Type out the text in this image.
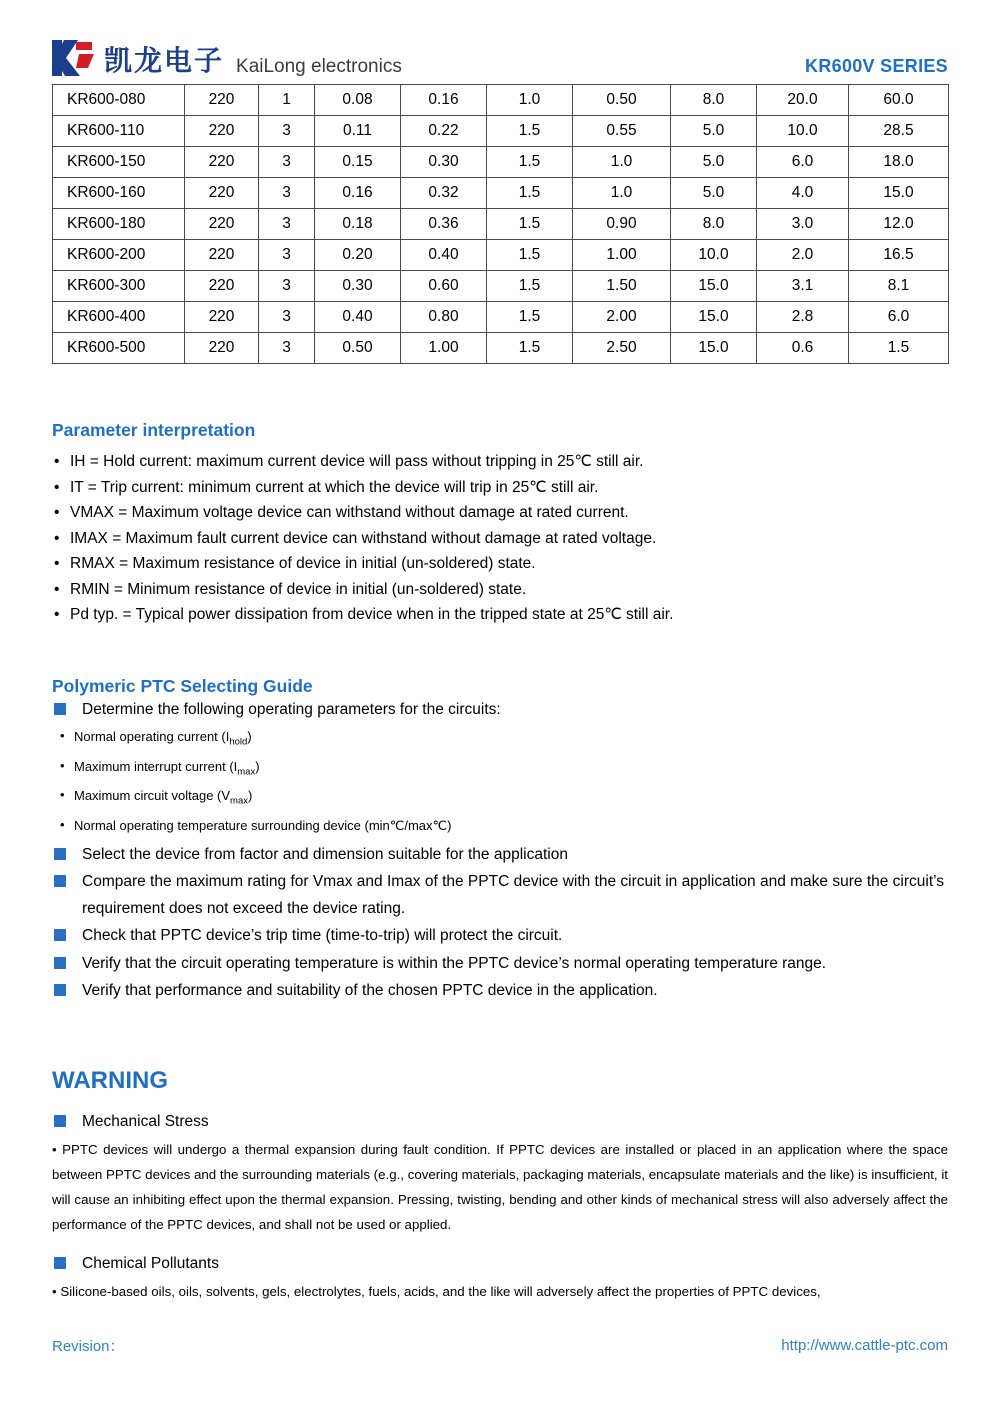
凯龙电子 KaiLong electronics	KR600V SERIES
KR600-080	220	1	0.08	0.16	1.0	0.50	8.0	20.0	60.0
KR600-110	220	3	0.11	0.22	1.5	0.55	5.0	10.0	28.5
KR600-150	220	3	0.15	0.30	1.5	1.0	5.0	6.0	18.0
KR600-160	220	3	0.16	0.32	1.5	1.0	5.0	4.0	15.0
KR600-180	220	3	0.18	0.36	1.5	0.90	8.0	3.0	12.0
KR600-200	220	3	0.20	0.40	1.5	1.00	10.0	2.0	16.5
KR600-300	220	3	0.30	0.60	1.5	1.50	15.0	3.1	8.1
KR600-400	220	3	0.40	0.80	1.5	2.00	15.0	2.8	6.0
KR600-500	220	3	0.50	1.00	1.5	2.50	15.0	0.6	1.5
Parameter interpretation
• IH = Hold current: maximum current device will pass without tripping in 25℃ still air.
• IT = Trip current: minimum current at which the device will trip in 25℃ still air.
• VMAX = Maximum voltage device can withstand without damage at rated current.
• IMAX = Maximum fault current device can withstand without damage at rated voltage.
• RMAX = Maximum resistance of device in initial (un-soldered) state.
• RMIN = Minimum resistance of device in initial (un-soldered) state.
• Pd typ. = Typical power dissipation from device when in the tripped state at 25℃ still air.
Polymeric PTC Selecting Guide
Determine the following operating parameters for the circuits:
• Normal operating current $(I_{hold})$
• Maximum interrupt current $(I_{max})$
• Maximum circuit voltage $(V_{max})$
• Normal operating temperature surrounding device (min℃/max℃)
Select the device from factor and dimension suitable for the application
Compare the maximum rating for Vmax and Imax of the PPTC device with the circuit in application and make sure the circuit’s requirement does not exceed the device rating.
Check that PPTC device’s trip time (time-to-trip) will protect the circuit.
Verify that the circuit operating temperature is within the PPTC device’s normal operating temperature range.
Verify that performance and suitability of the chosen PPTC device in the application.
WARNING
Mechanical Stress

• PPTC devices will undergo a thermal expansion during fault condition. If PPTC devices are installed or placed in an application where the space between PPTC devices and the surrounding materials (e.g., covering materials, packaging materials, encapsulate materials and the like) is insufficient, it will cause an inhibiting effect upon the thermal expansion. Pressing, twisting, bending and other kinds of mechanical stress will also adversely affect the performance of the PPTC devices, and shall not be used or applied.

Chemical Pollutants

• Silicone-based oils, oils, solvents, gels, electrolytes, fuels, acids, and the like will adversely affect the properties of PPTC devices,

Revision：	http://www.cattle-ptc.com
